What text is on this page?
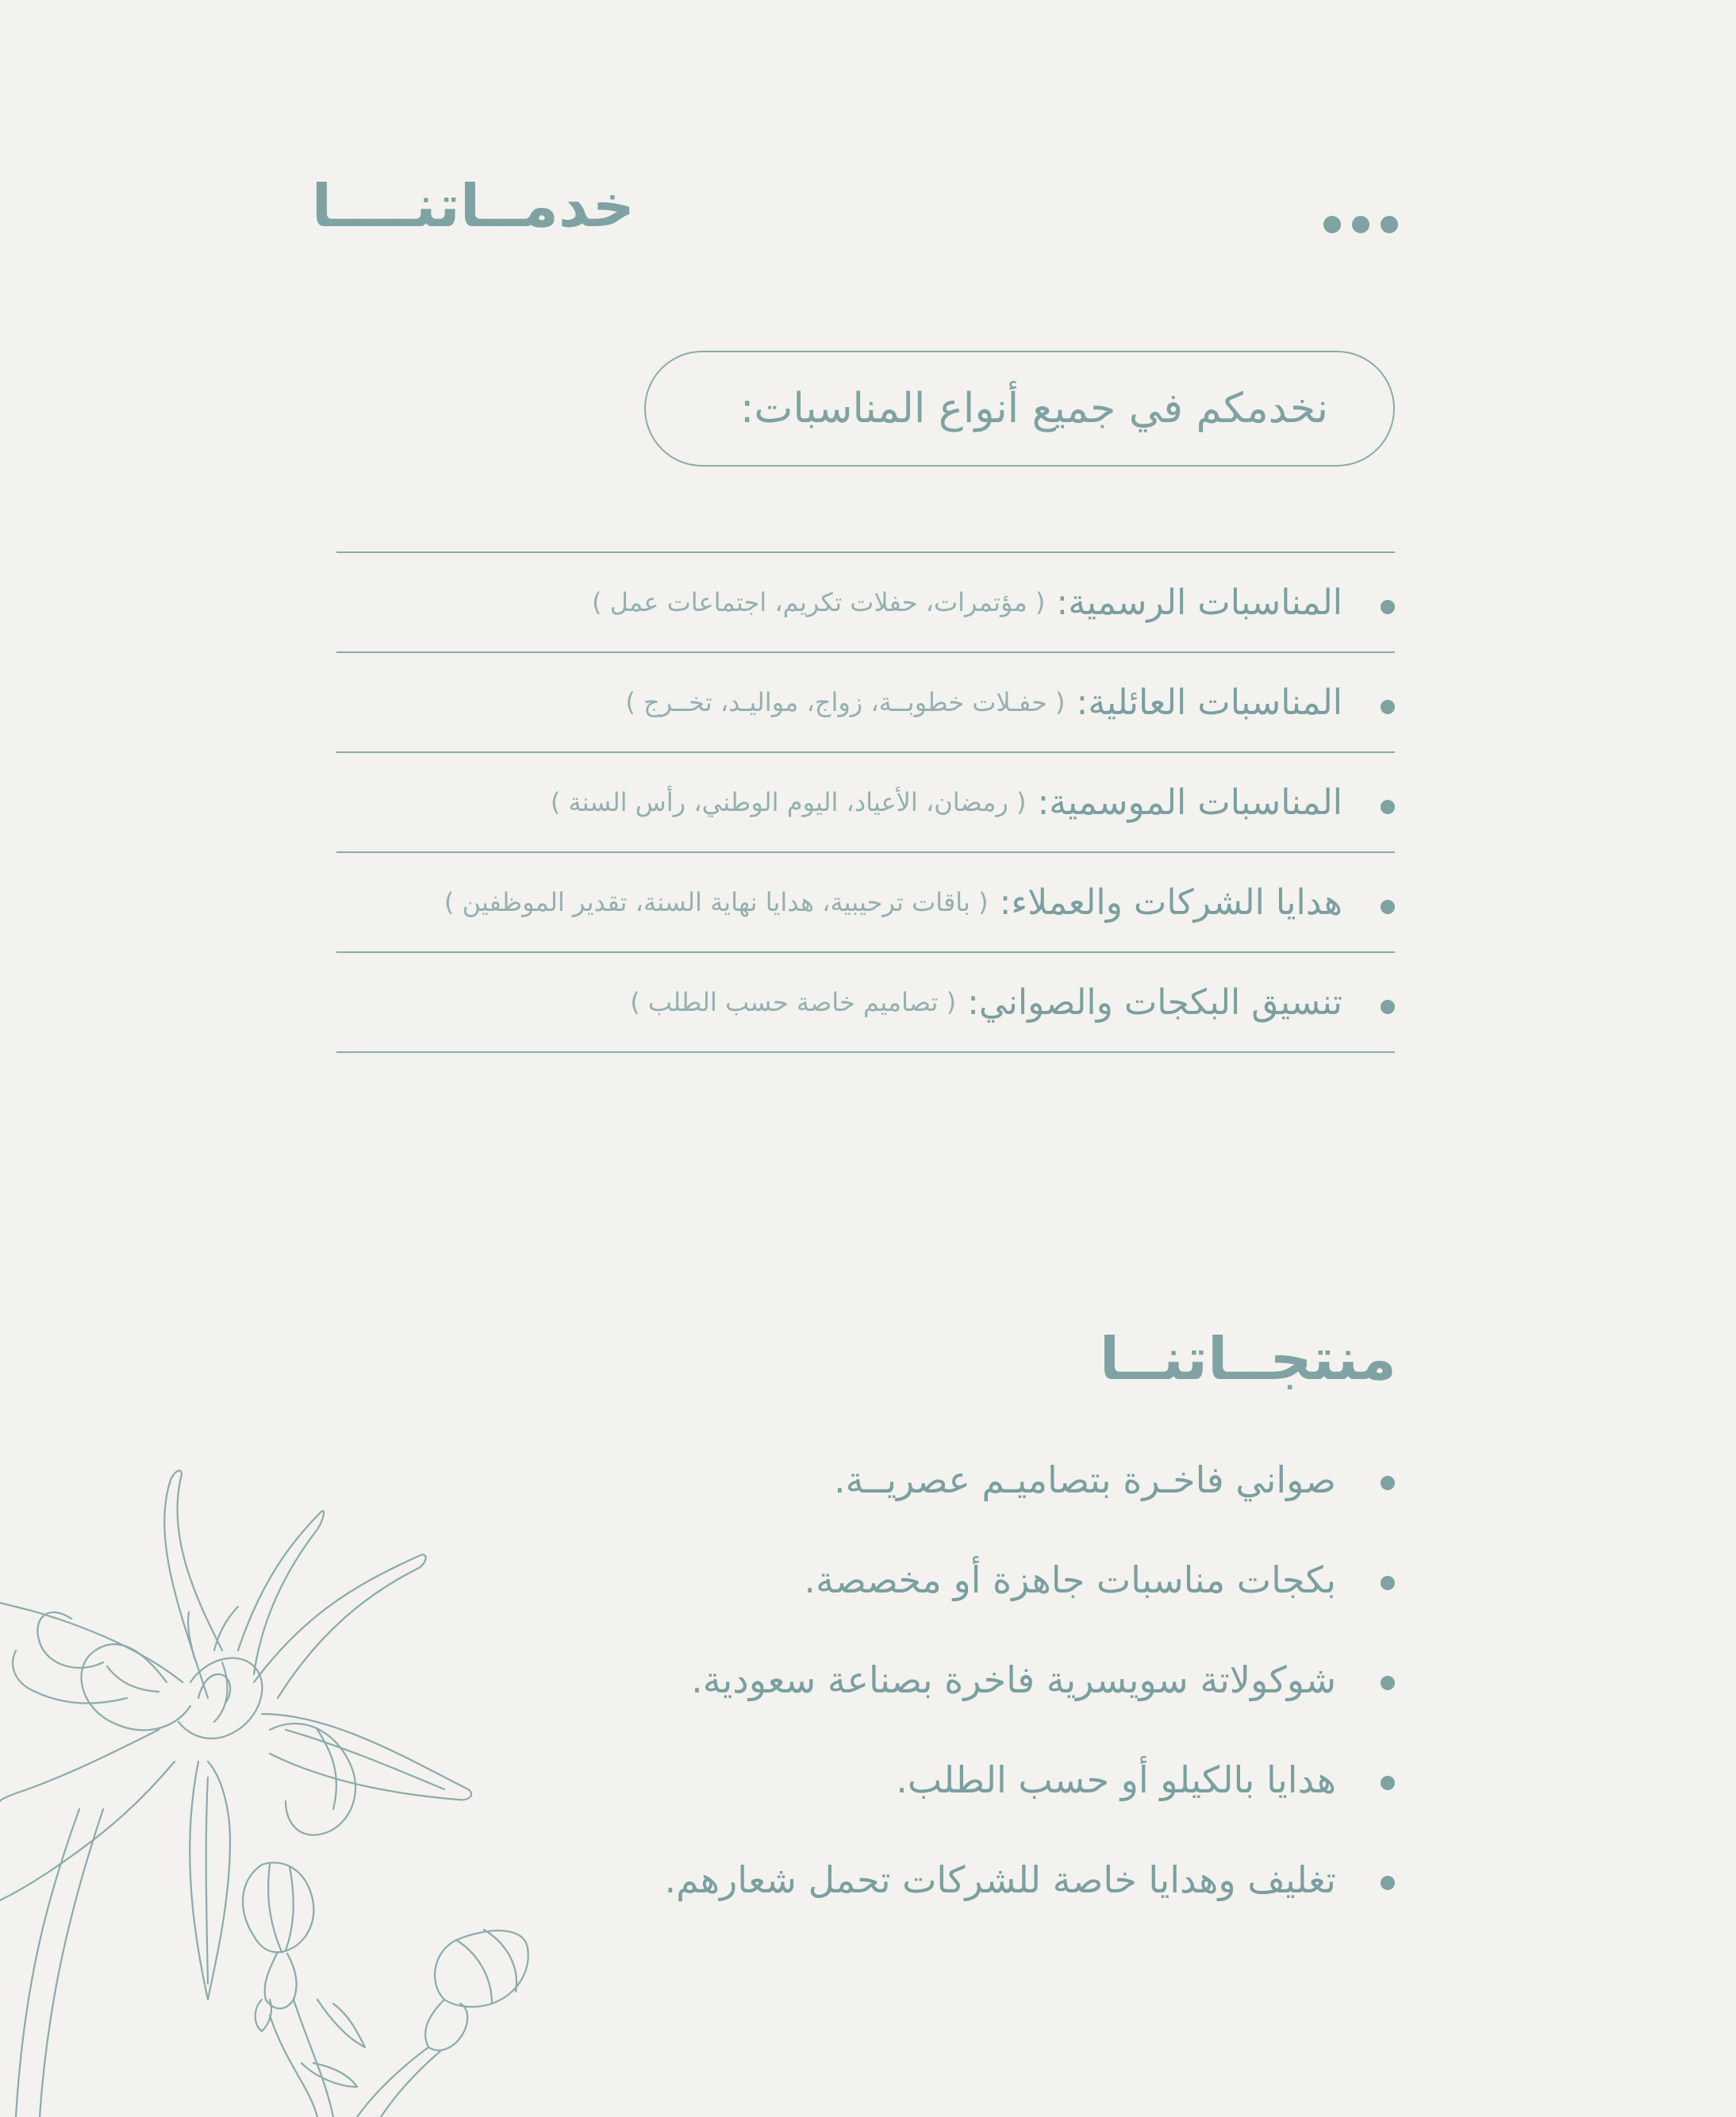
خدمــاتنــــا
نخدمكم في جميع أنواع المناسبات:
المناسبات الرسمية:
( مؤتمرات، حفلات تكريم، اجتماعات عمل )
المناسبات العائلية:
( حفـلات خطوبــة، زواج، مواليـد، تخــرج )
المناسبات الموسمية:
( رمضان، الأعياد، اليوم الوطني، رأس السنة )
هدايا الشركات والعملاء:
( باقات ترحيبية، هدايا نهاية السنة، تقدير الموظفين )
تنسيق البكجات والصواني:
( تصاميم خاصة حسب الطلب )
منتجــاتنــا
صواني فاخـرة بتصاميـم عصريــة.
بكجات مناسبات جاهزة أو مخصصة.
شوكولاتة سويسرية فاخرة بصناعة سعودية.
هدايا بالكيلو أو حسب الطلب.
تغليف وهدايا خاصة للشركات تحمل شعارهم.
